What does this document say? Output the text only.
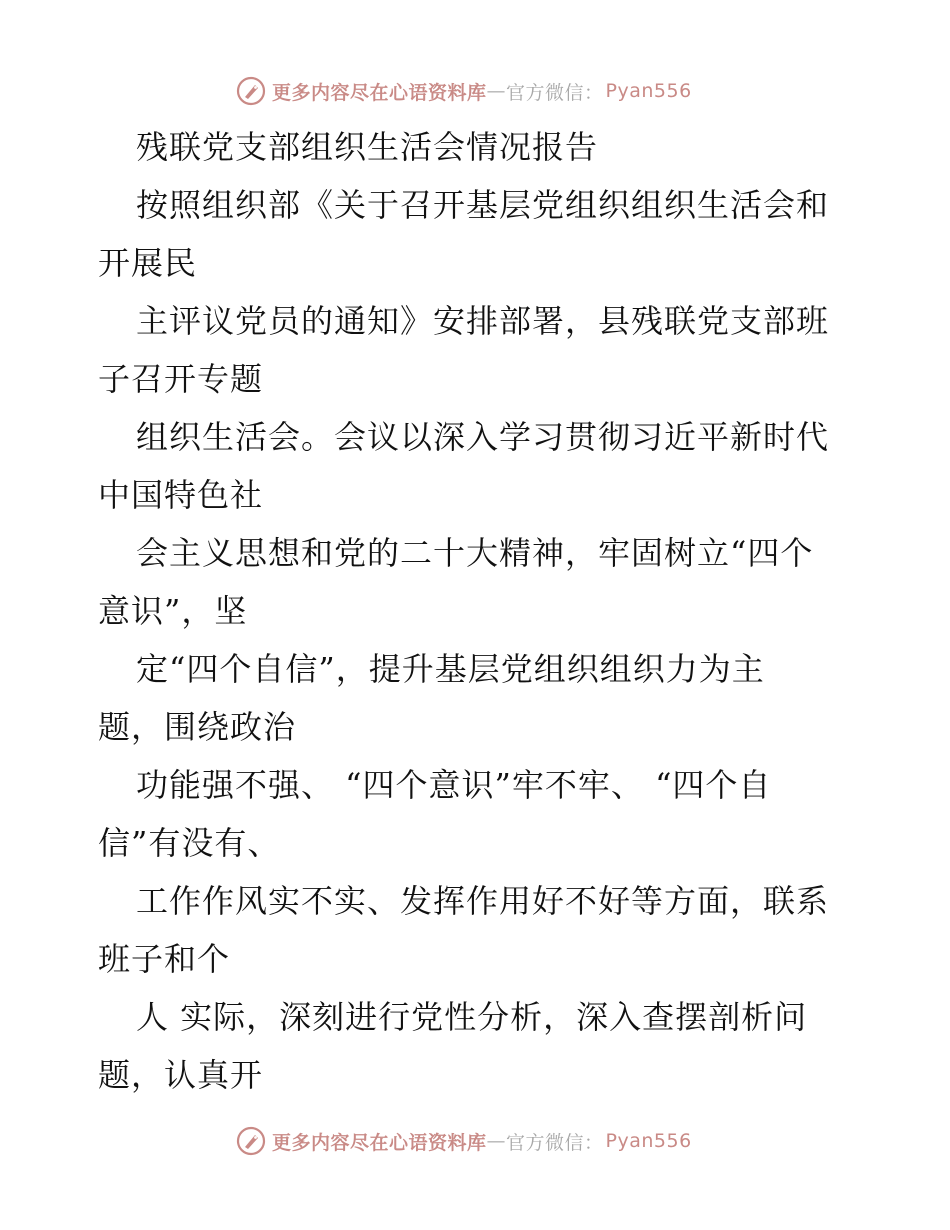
更多内容尽在心语资料库 — 官方微信： Pyan556
残联党支部组织生活会情况报告
按照组织部《关于召开基层党组织组织生活会和
开展民
主评议党员的通知》安排部署，县残联党支部班
子召开专题
组织生活会。会议以深入学习贯彻习近平新时代
中国特色社
会主义思想和党的二十大精神，牢固树立“四个
意识”，坚
定“四个自信”，提升基层党组织组织力为主
题，围绕政治
功能强不强、 “四个意识”牢不牢、 “四个自
信”有没有、
工作作风实不实、发挥作用好不好等方面，联系
班子和个
人 实际，深刻进行党性分析，深入查摆剖析问
题，认真开
更多内容尽在心语资料库 — 官方微信： Pyan556
